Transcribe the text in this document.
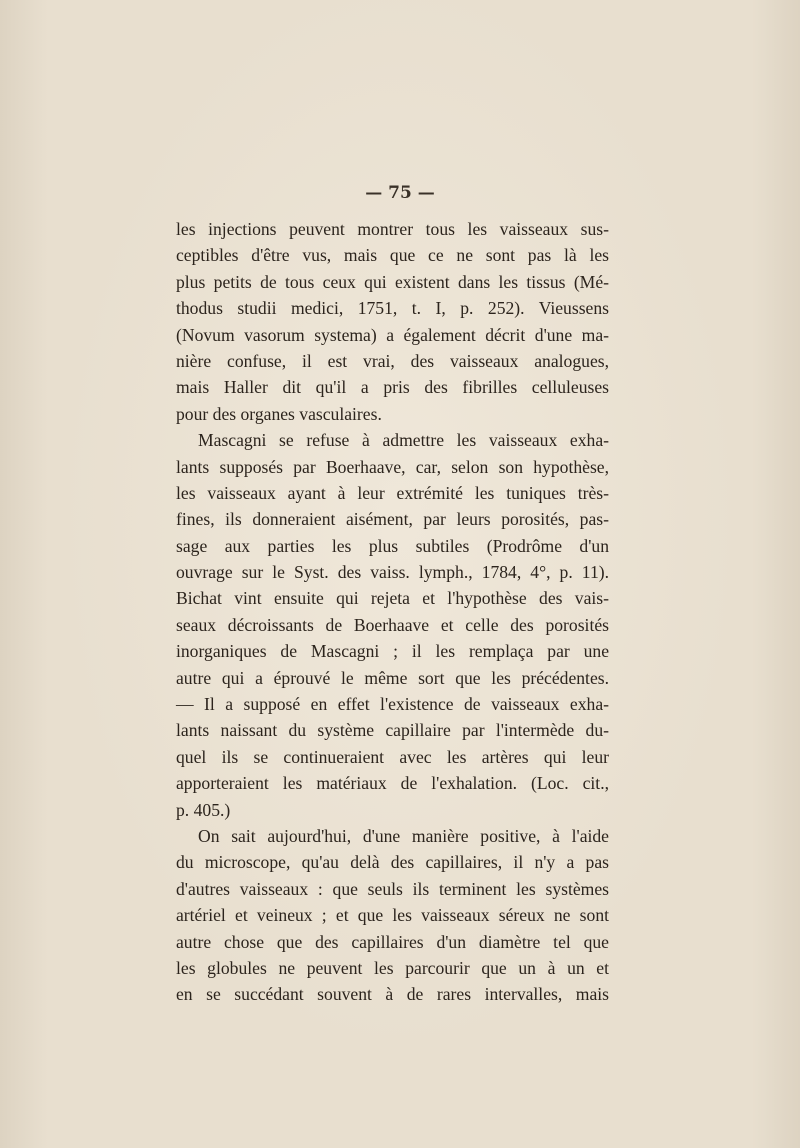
— 75 —
les injections peuvent montrer tous les vaisseaux sus-
ceptibles d'être vus, mais que ce ne sont pas là les
plus petits de tous ceux qui existent dans les tissus (Mé-
thodus studii medici, 1751, t. I, p. 252). Vieussens
(Novum vasorum systema) a également décrit d'une ma-
nière confuse, il est vrai, des vaisseaux analogues,
mais Haller dit qu'il a pris des fibrilles celluleuses
pour des organes vasculaires.
Mascagni se refuse à admettre les vaisseaux exha-
lants supposés par Boerhaave, car, selon son hypothèse,
les vaisseaux ayant à leur extrémité les tuniques très-
fines, ils donneraient aisément, par leurs porosités, pas-
sage aux parties les plus subtiles (Prodrôme d'un
ouvrage sur le Syst. des vaiss. lymph., 1784, 4°, p. 11).
Bichat vint ensuite qui rejeta et l'hypothèse des vais-
seaux décroissants de Boerhaave et celle des porosités
inorganiques de Mascagni ; il les remplaça par une
autre qui a éprouvé le même sort que les précédentes.
— Il a supposé en effet l'existence de vaisseaux exha-
lants naissant du système capillaire par l'intermède du-
quel ils se continueraient avec les artères qui leur
apporteraient les matériaux de l'exhalation. (Loc. cit.,
p. 405.)
On sait aujourd'hui, d'une manière positive, à l'aide
du microscope, qu'au delà des capillaires, il n'y a pas
d'autres vaisseaux : que seuls ils terminent les systèmes
artériel et veineux ; et que les vaisseaux séreux ne sont
autre chose que des capillaires d'un diamètre tel que
les globules ne peuvent les parcourir que un à un et
en se succédant souvent à de rares intervalles, mais
